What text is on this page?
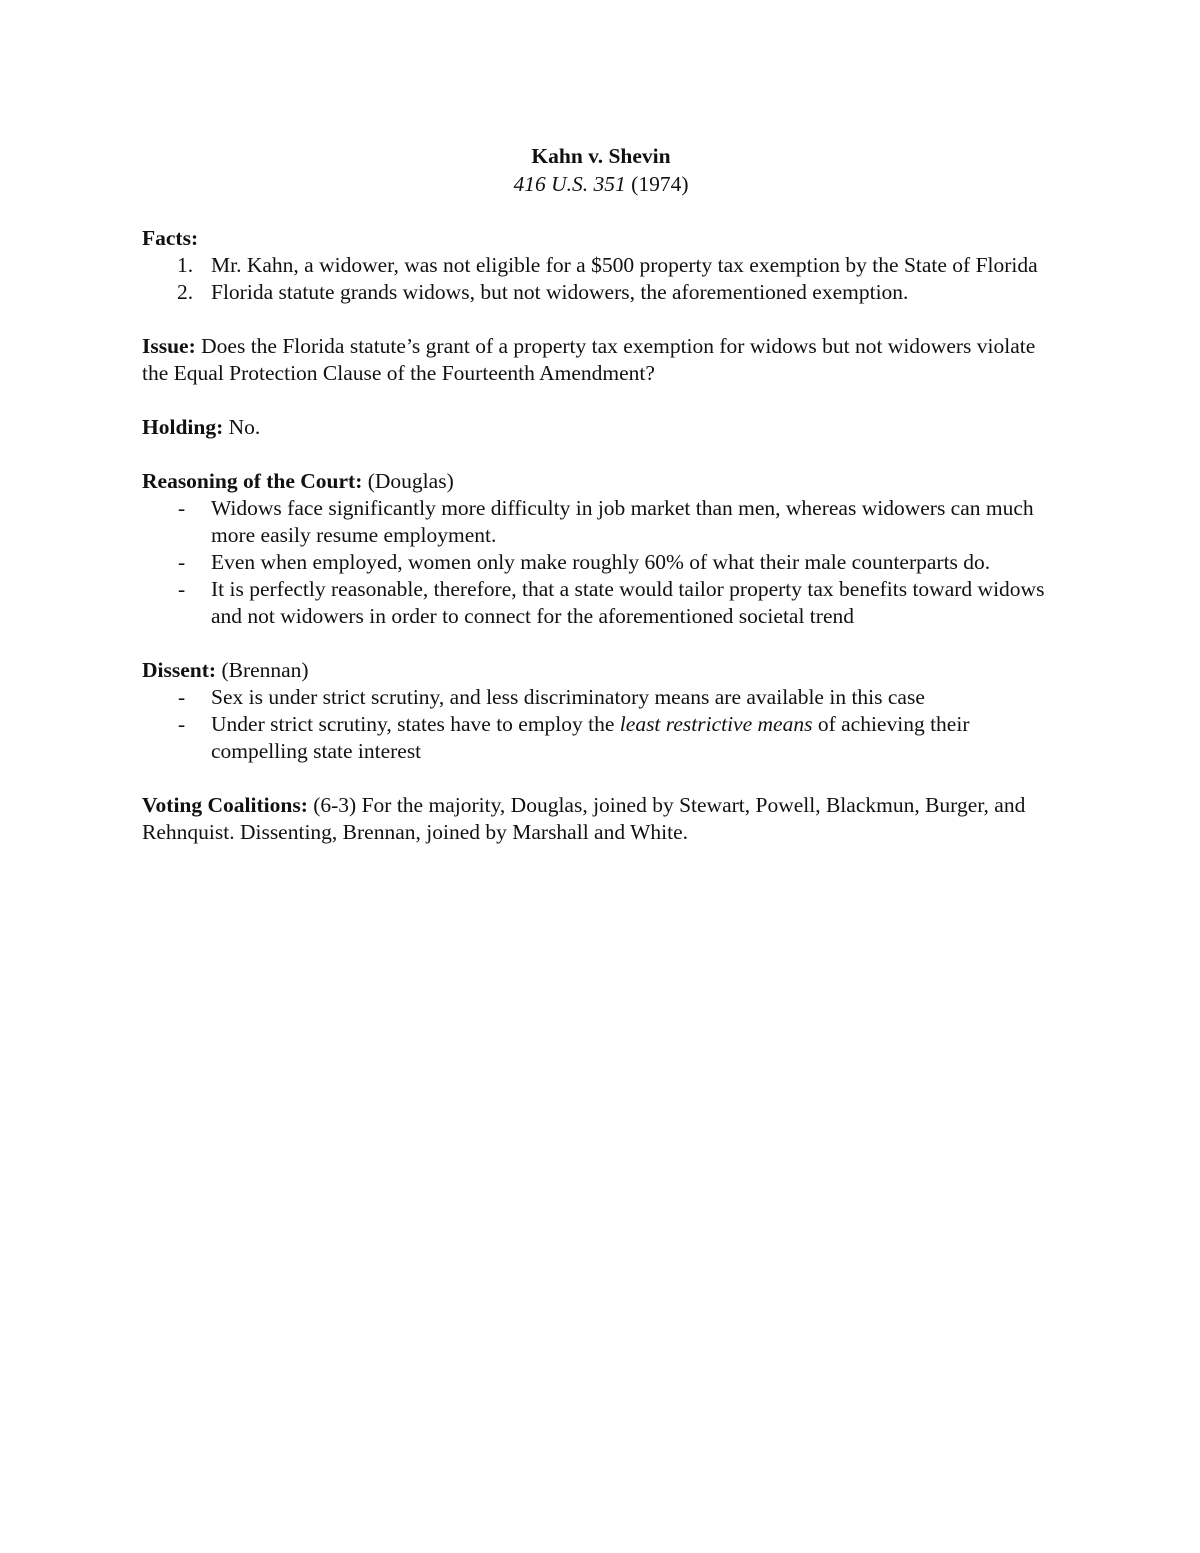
Kahn v. Shevin

416 U.S. 351 (1974)

Facts:

1. Mr. Kahn, a widower, was not eligible for a $500 property tax exemption by the State of Florida
2. Florida statute grands widows, but not widowers, the aforementioned exemption.

Issue: Does the Florida statute’s grant of a property tax exemption for widows but not widowers violate the Equal Protection Clause of the Fourteenth Amendment?

Holding: No.

Reasoning of the Court: (Douglas)

- Widows face significantly more difficulty in job market than men, whereas widowers can much more easily resume employment.
- Even when employed, women only make roughly 60% of what their male counterparts do.
- It is perfectly reasonable, therefore, that a state would tailor property tax benefits toward widows and not widowers in order to connect for the aforementioned societal trend

Dissent: (Brennan)

- Sex is under strict scrutiny, and less discriminatory means are available in this case
- Under strict scrutiny, states have to employ the least restrictive means of achieving their compelling state interest

Voting Coalitions: (6-3) For the majority, Douglas, joined by Stewart, Powell, Blackmun, Burger, and Rehnquist. Dissenting, Brennan, joined by Marshall and White.
